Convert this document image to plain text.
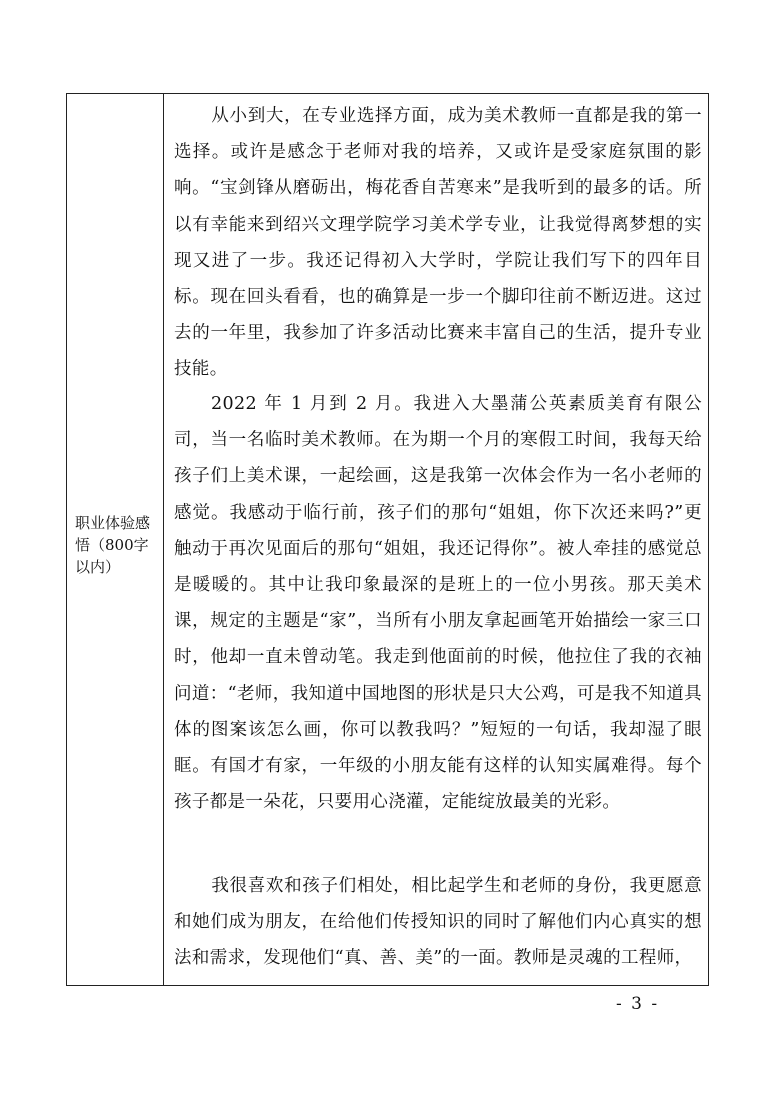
职业体验感悟（800字以内）
从小到大，在专业选择方面，成为美术教师一直都是我的第一选择。或许是感念于老师对我的培养，又或许是受家庭氛围的影响。“宝剑锋从磨砺出，梅花香自苦寒来”是我听到的最多的话。所以有幸能来到绍兴文理学院学习美术学专业，让我觉得离梦想的实现又进了一步。我还记得初入大学时，学院让我们写下的四年目标。现在回头看看，也的确算是一步一个脚印往前不断迈进。这过去的一年里，我参加了许多活动比赛来丰富自己的生活，提升专业技能。
2022 年 1 月到 2 月。我进入大墨蒲公英素质美育有限公司，当一名临时美术教师。在为期一个月的寒假工时间，我每天给孩子们上美术课，一起绘画，这是我第一次体会作为一名小老师的感觉。我感动于临行前，孩子们的那句“姐姐，你下次还来吗?”更触动于再次见面后的那句“姐姐，我还记得你”。被人牵挂的感觉总是暖暖的。其中让我印象最深的是班上的一位小男孩。那天美术课，规定的主题是“家”，当所有小朋友拿起画笔开始描绘一家三口时，他却一直未曾动笔。我走到他面前的时候，他拉住了我的衣袖问道：“老师，我知道中国地图的形状是只大公鸡，可是我不知道具体的图案该怎么画，你可以教我吗？”短短的一句话，我却湿了眼眶。有国才有家，一年级的小朋友能有这样的认知实属难得。每个孩子都是一朵花，只要用心浇灌，定能绽放最美的光彩。
我很喜欢和孩子们相处，相比起学生和老师的身份，我更愿意和她们成为朋友，在给他们传授知识的同时了解他们内心真实的想法和需求，发现他们“真、善、美”的一面。教师是灵魂的工程师，
- 3 -
